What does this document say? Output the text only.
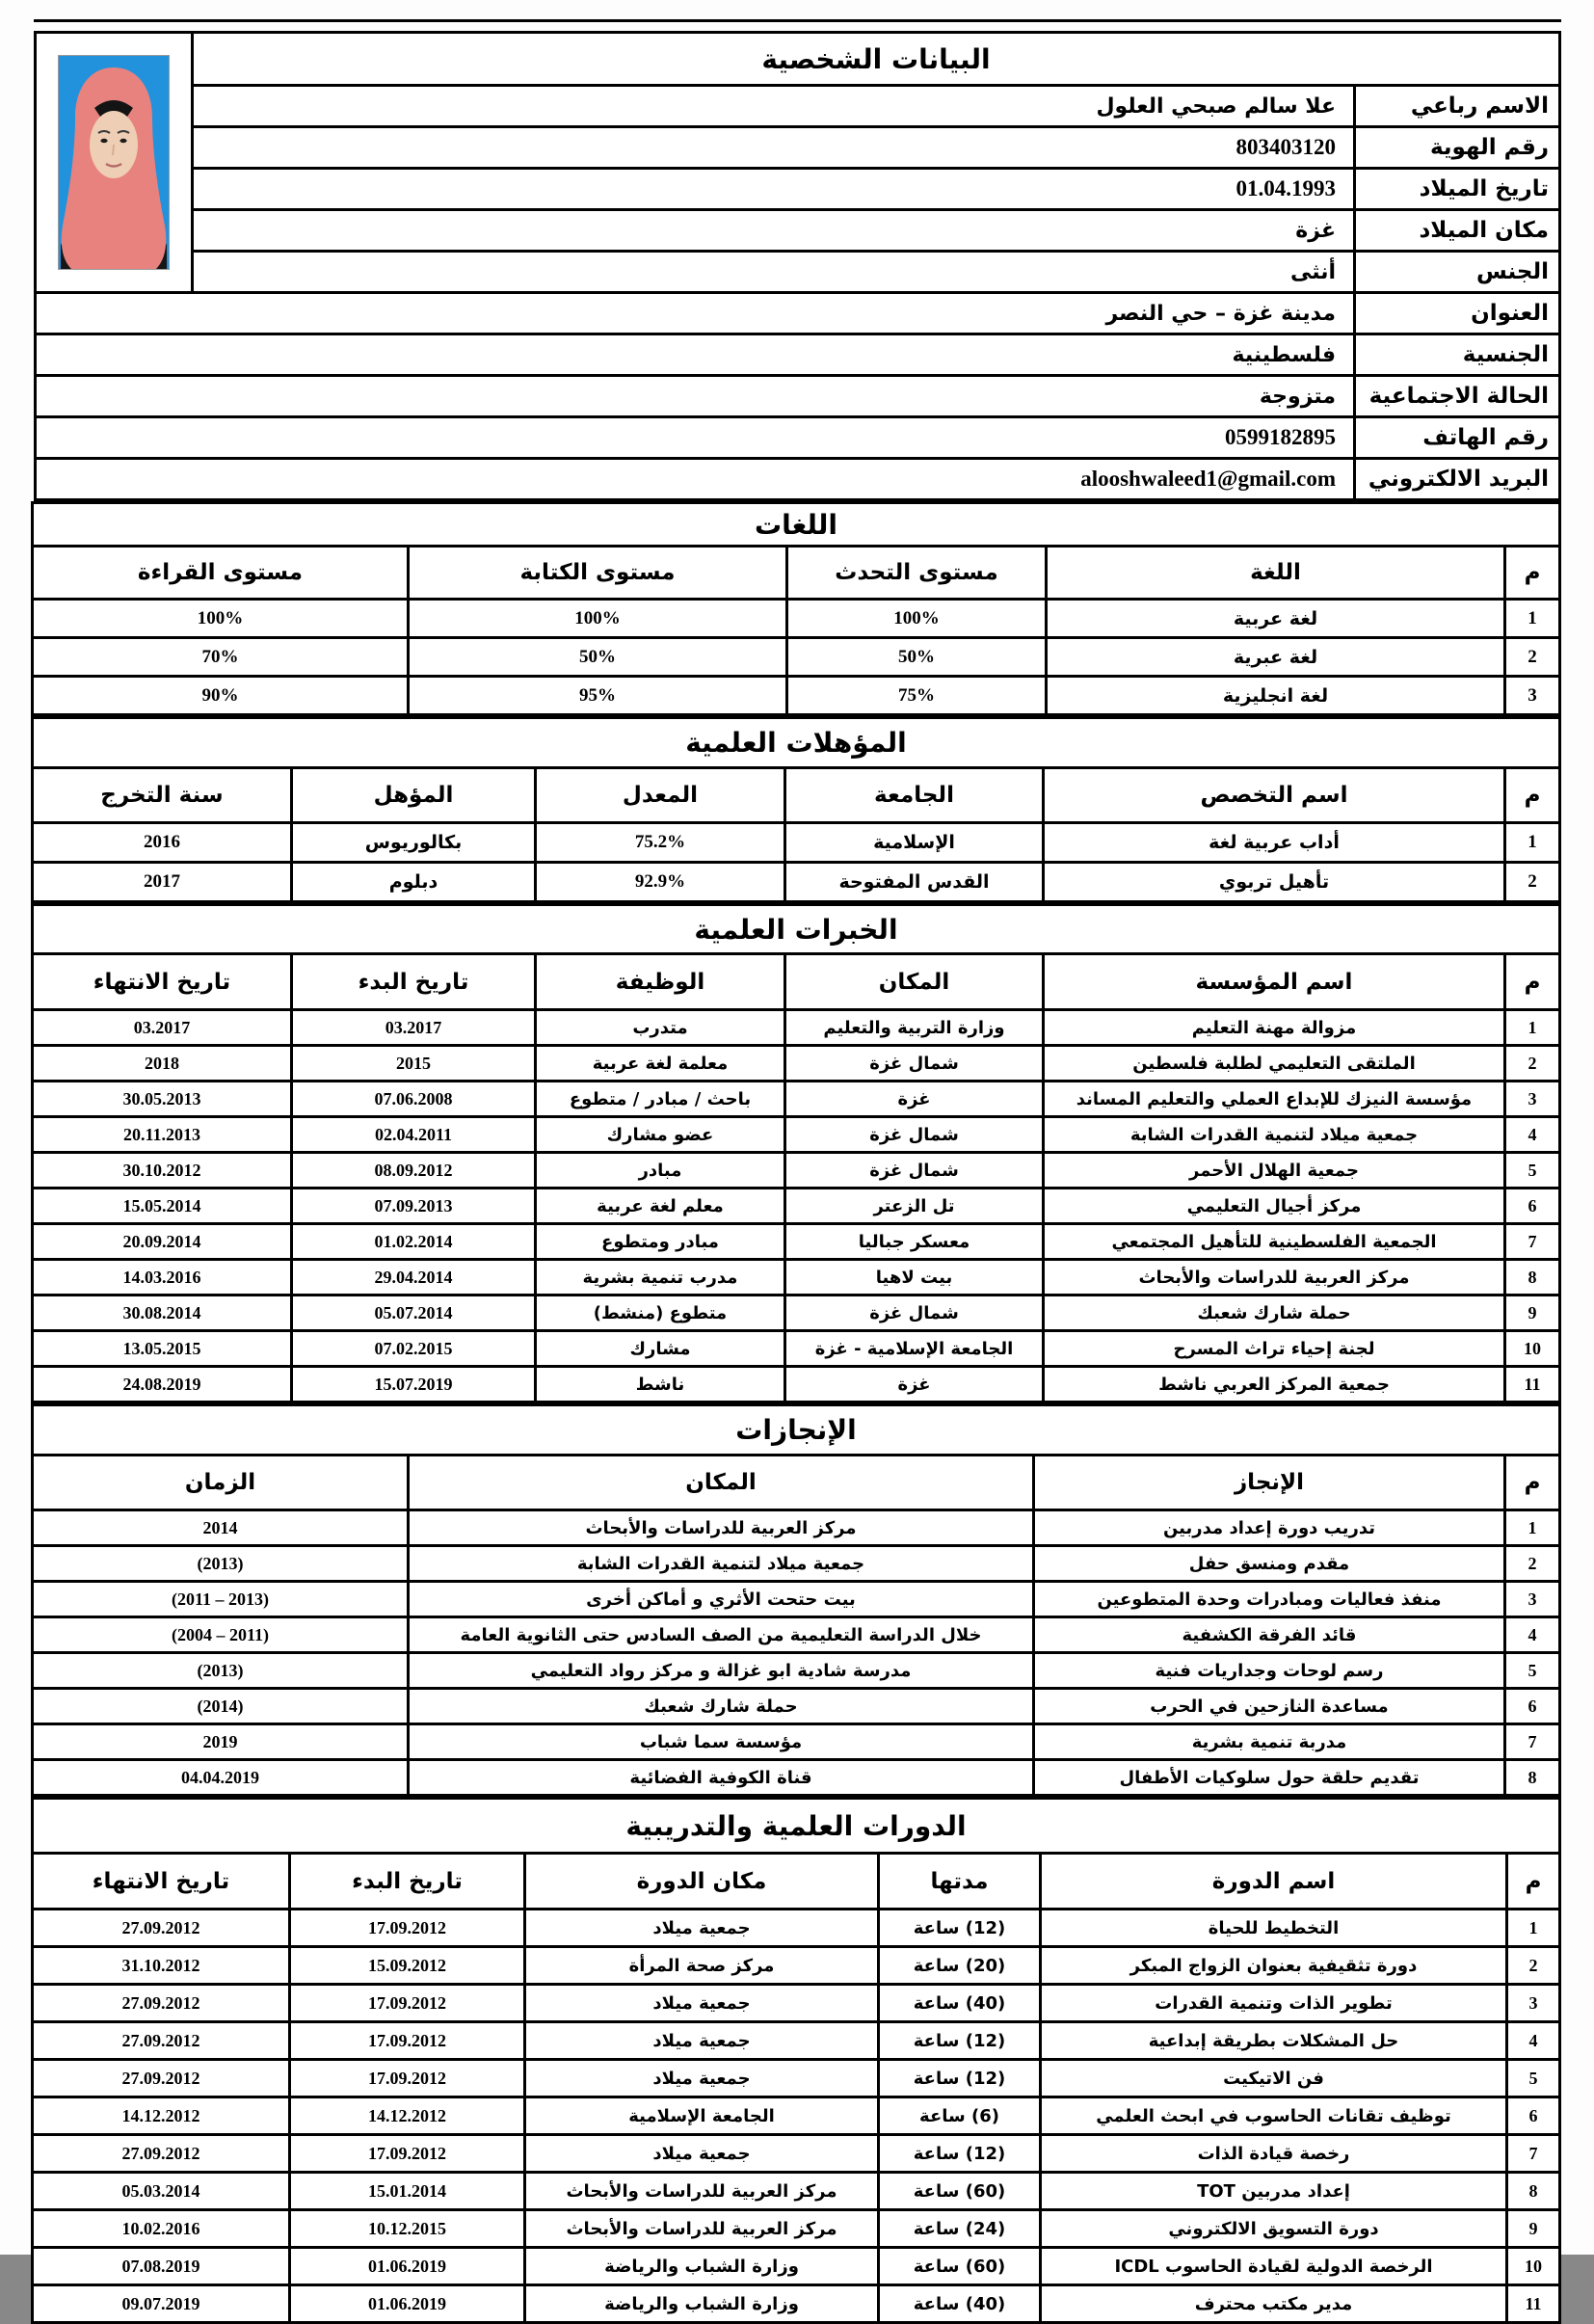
البيانات الشخصية	

الاسم رباعي	علا سالم صبحي العلول	
رقم الهوية	803403120	
تاريخ الميلاد	01.04.1993	
مكان الميلاد	غزة	
الجنس	أنثى	
العنوان	مدينة غزة – حي النصر	
الجنسية	فلسطينية	
الحالة الاجتماعية	متزوجة	
رقم الهاتف	0599182895	
البريد الالكتروني	alooshwaleed1@gmail.com	
اللغات				
م	اللغة	مستوى التحدث	مستوى الكتابة	مستوى القراءة
1	لغة عربية	100%	100%	100%
2	لغة عبرية	50%	50%	70%
3	لغة انجليزية	75%	95%	90%
المؤهلات العلمية					
م	اسم التخصص	الجامعة	المعدل	المؤهل	سنة التخرج
1	أداب عربية لغة	الإسلامية	75.2%	بكالوريوس	2016
2	تأهيل تربوي	القدس المفتوحة	92.9%	دبلوم	2017
الخبرات العلمية					
م	اسم المؤسسة	المكان	الوظيفة	تاريخ البدء	تاريخ الانتهاء
1	مزوالة مهنة التعليم	وزارة التربية والتعليم	متدرب	03.2017	03.2017
2	الملتقى التعليمي لطلبة فلسطين	شمال غزة	معلمة لغة عربية	2015	2018
3	مؤسسة النيزك للإبداع العملي والتعليم المساند	غزة	باحث / مبادر / متطوع	07.06.2008	30.05.2013
4	جمعية ميلاد لتنمية القدرات الشابة	شمال غزة	عضو مشارك	02.04.2011	20.11.2013
5	جمعية الهلال الأحمر	شمال غزة	مبادر	08.09.2012	30.10.2012
6	مركز أجيال التعليمي	تل الزعتر	معلم لغة عربية	07.09.2013	15.05.2014
7	الجمعية الفلسطينية للتأهيل المجتمعي	معسكر جباليا	مبادر ومتطوع	01.02.2014	20.09.2014
8	مركز العربية للدراسات والأبحاث	بيت لاهيا	مدرب تنمية بشرية	29.04.2014	14.03.2016
9	حملة شارك شعبك	شمال غزة	متطوع (منشط)	05.07.2014	30.08.2014
10	لجنة إحياء تراث المسرح	الجامعة الإسلامية - غزة	مشارك	07.02.2015	13.05.2015
11	جمعية المركز العربي ناشط	غزة	ناشط	15.07.2019	24.08.2019
الإنجازات			
م	الإنجاز	المكان	الزمان
1	تدريب دورة إعداد مدربين	مركز العربية للدراسات والأبحاث	2014
2	مقدم ومنسق حفل	جمعية ميلاد لتنمية القدرات الشابة	(2013)
3	منفذ فعاليات ومبادرات وحدة المتطوعين	بيت حتحت الأثري و أماكن أخرى	(2011 – 2013)
4	قائد الفرقة الكشفية	خلال الدراسة التعليمية من الصف السادس حتى الثانوية العامة	(2004 – 2011)
5	رسم لوحات وجداريات فنية	مدرسة شادية ابو غزالة و مركز رواد التعليمي	(2013)
6	مساعدة النازحين في الحرب	حملة شارك شعبك	(2014)
7	مدربة تنمية بشرية	مؤسسة سما شباب	2019
8	تقديم حلقة حول سلوكيات الأطفال	قناة الكوفية الفضائية	04.04.2019
الدورات العلمية والتدريبية					
م	اسم الدورة	مدتها	مكان الدورة	تاريخ البدء	تاريخ الانتهاء
1	التخطيط للحياة	(12) ساعة	جمعية ميلاد	17.09.2012	27.09.2012
2	دورة تثقيفية بعنوان الزواج المبكر	(20) ساعة	مركز صحة المرأة	15.09.2012	31.10.2012
3	تطوير الذات وتنمية القدرات	(40) ساعة	جمعية ميلاد	17.09.2012	27.09.2012
4	حل المشكلات بطريقة إبداعية	(12) ساعة	جمعية ميلاد	17.09.2012	27.09.2012
5	فن الاتيكيت	(12) ساعة	جمعية ميلاد	17.09.2012	27.09.2012
6	توظيف تقانات الحاسوب في ابحث العلمي	(6) ساعة	الجامعة الإسلامية	14.12.2012	14.12.2012
7	رخصة قيادة الذات	(12) ساعة	جمعية ميلاد	17.09.2012	27.09.2012
8	إعداد مدربين TOT	(60) ساعة	مركز العربية للدراسات والأبحاث	15.01.2014	05.03.2014
9	دورة التسويق الالكتروني	(24) ساعة	مركز العربية للدراسات والأبحاث	10.12.2015	10.02.2016
10	الرخصة الدولية لقيادة الحاسوب ICDL	(60) ساعة	وزارة الشباب والرياضة	01.06.2019	07.08.2019
11	مدير مكتب محترف	(40) ساعة	وزارة الشباب والرياضة	01.06.2019	09.07.2019
